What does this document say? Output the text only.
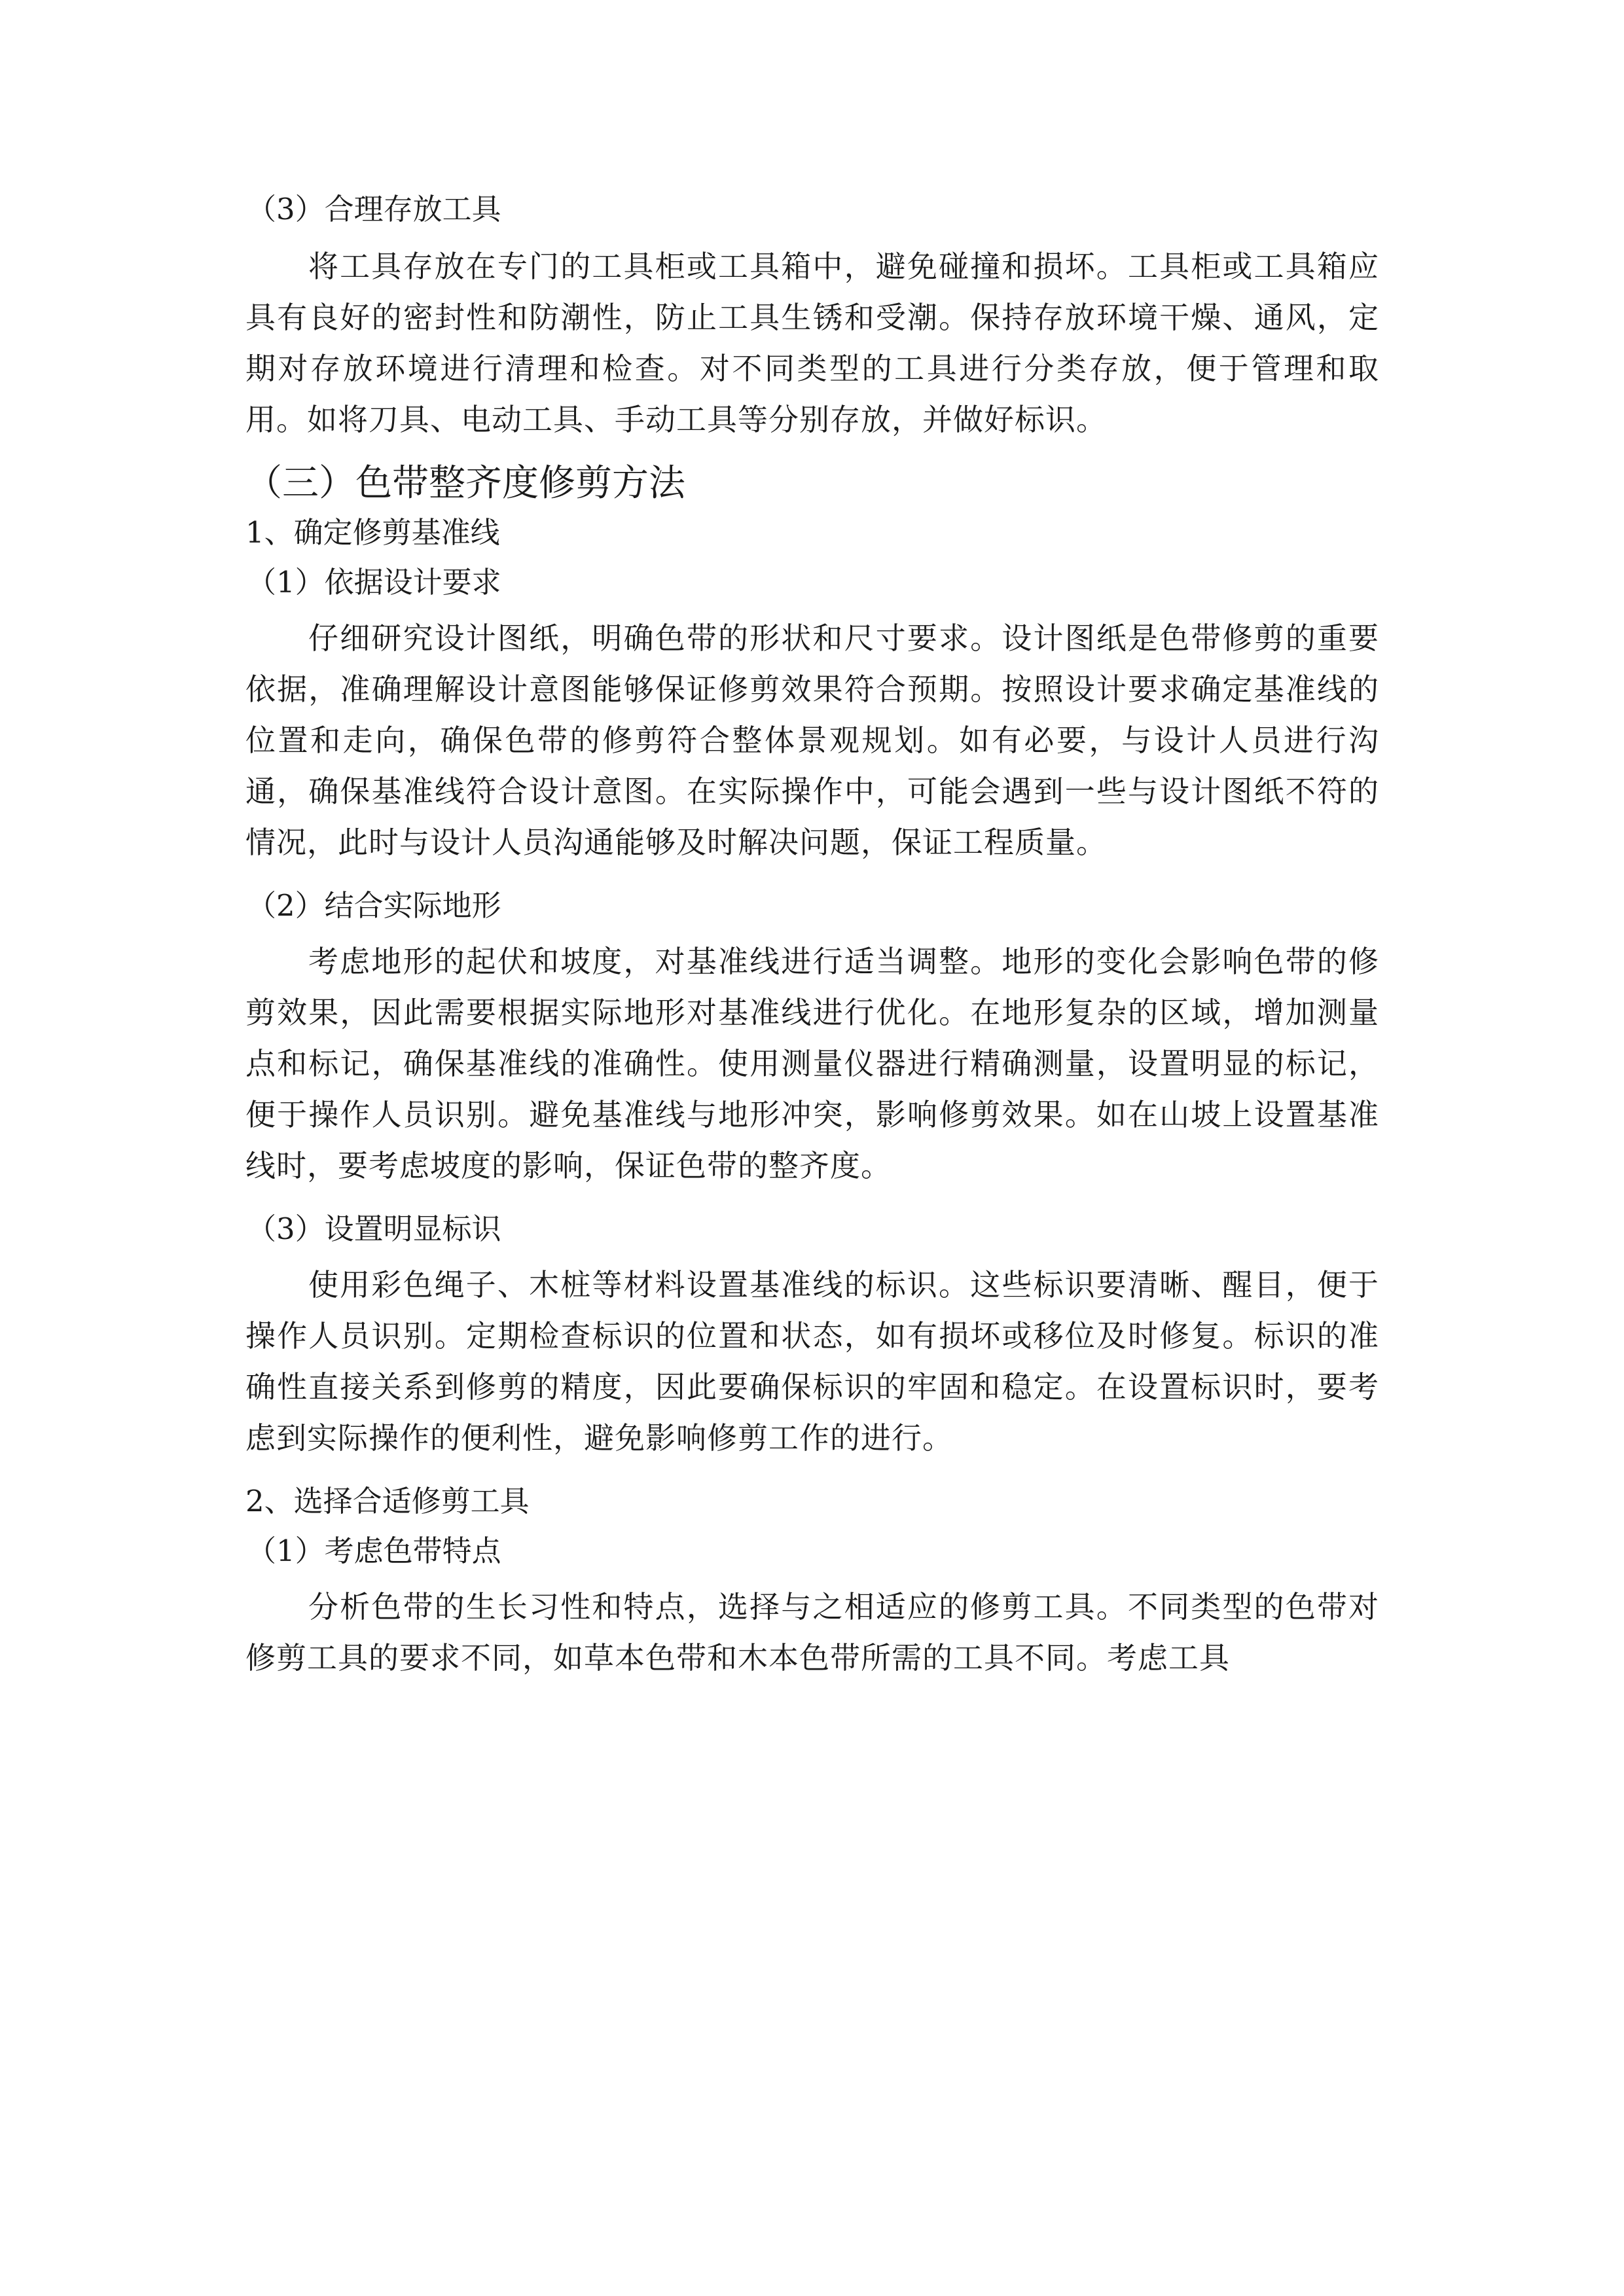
（3）合理存放工具

将工具存放在专门的工具柜或工具箱中，避免碰撞和损坏。工具柜或工具箱应具有良好的密封性和防潮性，防止工具生锈和受潮。保持存放环境干燥、通风，定期对存放环境进行清理和检查。对不同类型的工具进行分类存放，便于管理和取用。如将刀具、电动工具、手动工具等分别存放，并做好标识。

（三）色带整齐度修剪方法

1、确定修剪基准线

（1）依据设计要求

仔细研究设计图纸，明确色带的形状和尺寸要求。设计图纸是色带修剪的重要依据，准确理解设计意图能够保证修剪效果符合预期。按照设计要求确定基准线的位置和走向，确保色带的修剪符合整体景观规划。如有必要，与设计人员进行沟通，确保基准线符合设计意图。在实际操作中，可能会遇到一些与设计图纸不符的情况，此时与设计人员沟通能够及时解决问题，保证工程质量。

（2）结合实际地形

考虑地形的起伏和坡度，对基准线进行适当调整。地形的变化会影响色带的修剪效果，因此需要根据实际地形对基准线进行优化。在地形复杂的区域，增加测量点和标记，确保基准线的准确性。使用测量仪器进行精确测量，设置明显的标记，便于操作人员识别。避免基准线与地形冲突，影响修剪效果。如在山坡上设置基准线时，要考虑坡度的影响，保证色带的整齐度。

（3）设置明显标识

使用彩色绳子、木桩等材料设置基准线的标识。这些标识要清晰、醒目，便于操作人员识别。定期检查标识的位置和状态，如有损坏或移位及时修复。标识的准确性直接关系到修剪的精度，因此要确保标识的牢固和稳定。在设置标识时，要考虑到实际操作的便利性，避免影响修剪工作的进行。

2、选择合适修剪工具

（1）考虑色带特点

分析色带的生长习性和特点，选择与之相适应的修剪工具。不同类型的色带对修剪工具的要求不同，如草本色带和木本色带所需的工具不同。考虑工具
